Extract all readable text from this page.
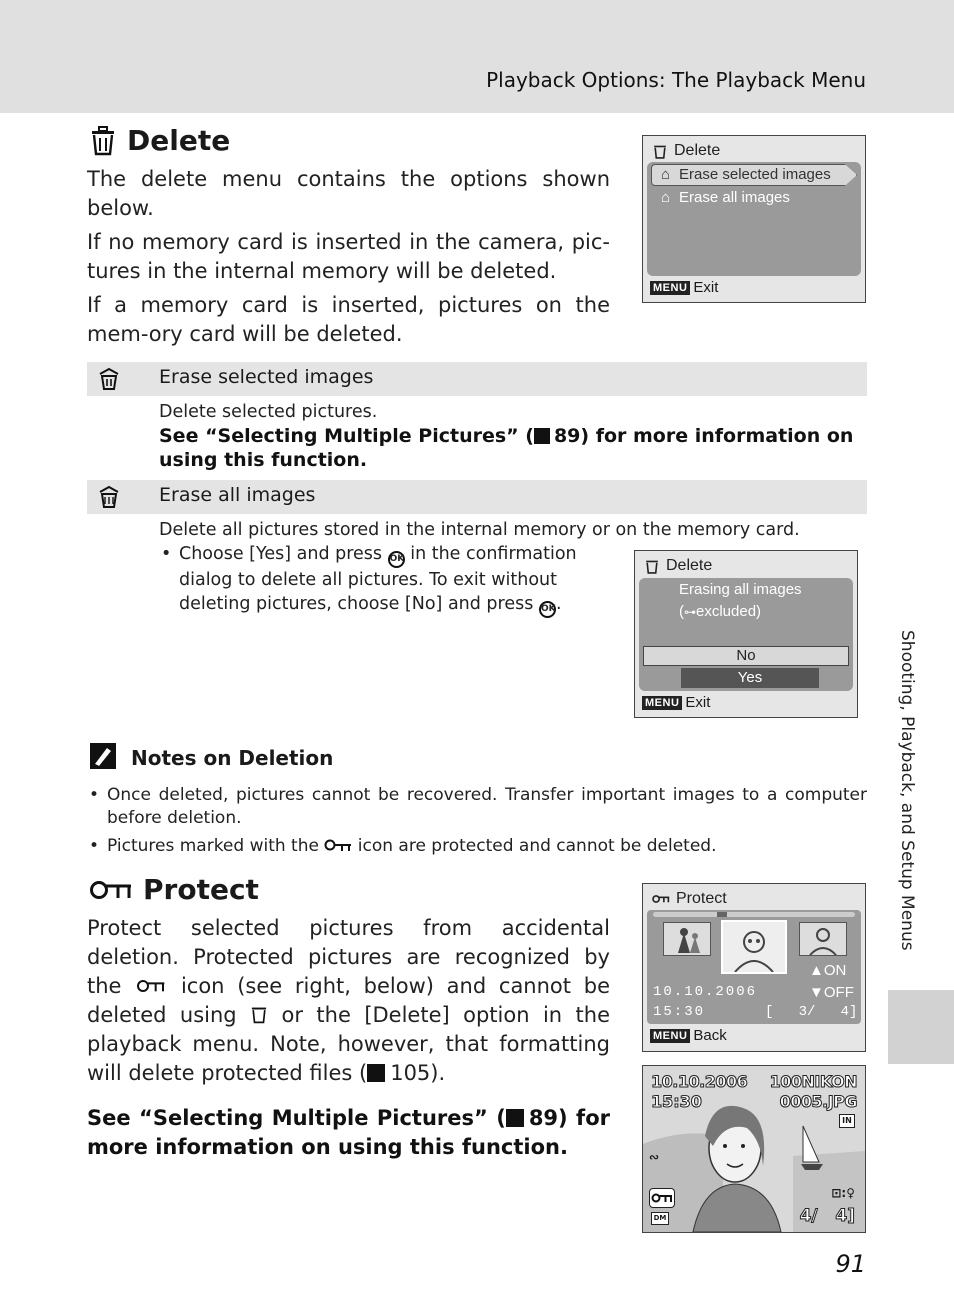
Playback Options: The Playback Menu
Delete
The delete menu contains the options shown below.
If no memory card is inserted in the camera, pic-tures in the internal memory will be deleted.
If a memory card is inserted, pictures on the mem-ory card will be deleted.
Delete
⌂ Erase selected images
⌂ Erase all images
MENU Exit
Erase selected images
Delete selected pictures.
See “Selecting Multiple Pictures” ( 89) for more information on using this function.
Erase all images
Delete all pictures stored in the internal memory or on the memory card.
• Choose [Yes] and press OK in the confirmation dialog to delete all pictures. To exit without deleting pictures, choose [No] and press OK.
Delete
Erasing all images
(⊶excluded)
No
Yes
MENU Exit
Notes on Deletion
• Once deleted, pictures cannot be recovered. Transfer important images to a computer before deletion.
• Pictures marked with the icon are protected and cannot be deleted.
Protect
Protect selected pictures from accidental deletion. Protected pictures are recognized by the	icon (see right, below) and cannot be deleted using or the [Delete] option in the playback menu. Note, however, that formatting will delete protected files ( 105).
See “Selecting Multiple Pictures” ( 89) for more information on using this function.
Protect
▲ON
▼OFF
10.10.2006
15:30	[   3/   4]
MENU Back
10.10.2006
15:30
100NIKON
0005.JPG
IN
∾
DM
⊡:♀
4/   4]
Shooting, Playback, and Setup Menus
91
